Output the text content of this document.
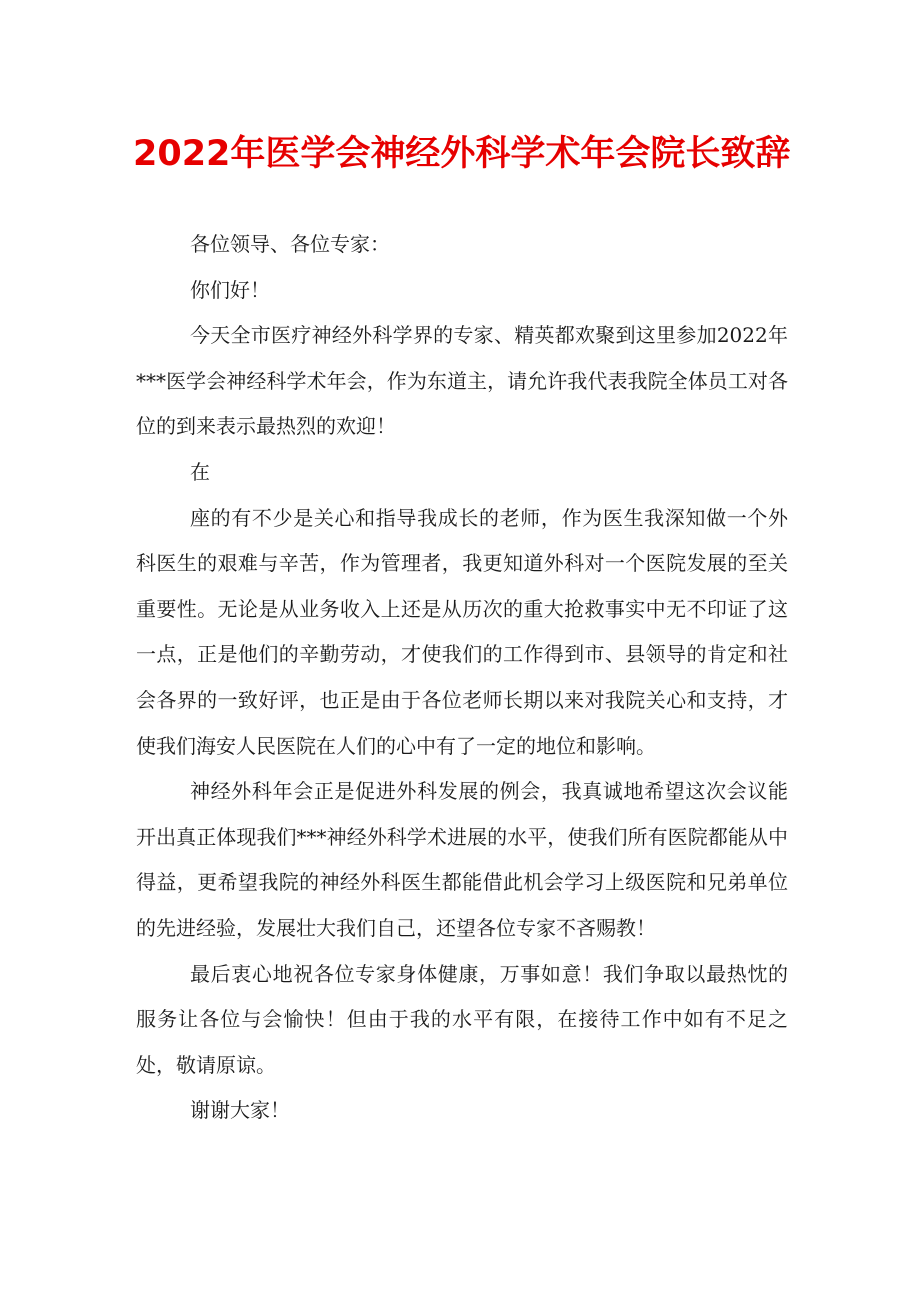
2022年医学会神经外科学术年会院长致辞

各位领导、各位专家：

你们好！

今天全市医疗神经外科学界的专家、精英都欢聚到这里参加2022年***医学会神经科学术年会，作为东道主，请允许我代表我院全体员工对各位的到来表示最热烈的欢迎！

在

座的有不少是关心和指导我成长的老师，作为医生我深知做一个外科医生的艰难与辛苦，作为管理者，我更知道外科对一个医院发展的至关重要性。无论是从业务收入上还是从历次的重大抢救事实中无不印证了这一点，正是他们的辛勤劳动，才使我们的工作得到市、县领导的肯定和社会各界的一致好评，也正是由于各位老师长期以来对我院关心和支持，才使我们海安人民医院在人们的心中有了一定的地位和影响。

神经外科年会正是促进外科发展的例会，我真诚地希望这次会议能开出真正体现我们***神经外科学术进展的水平，使我们所有医院都能从中得益，更希望我院的神经外科医生都能借此机会学习上级医院和兄弟单位的先进经验，发展壮大我们自己，还望各位专家不吝赐教！

最后衷心地祝各位专家身体健康，万事如意！我们争取以最热忱的服务让各位与会愉快！但由于我的水平有限，在接待工作中如有不足之处，敬请原谅。

谢谢大家！
